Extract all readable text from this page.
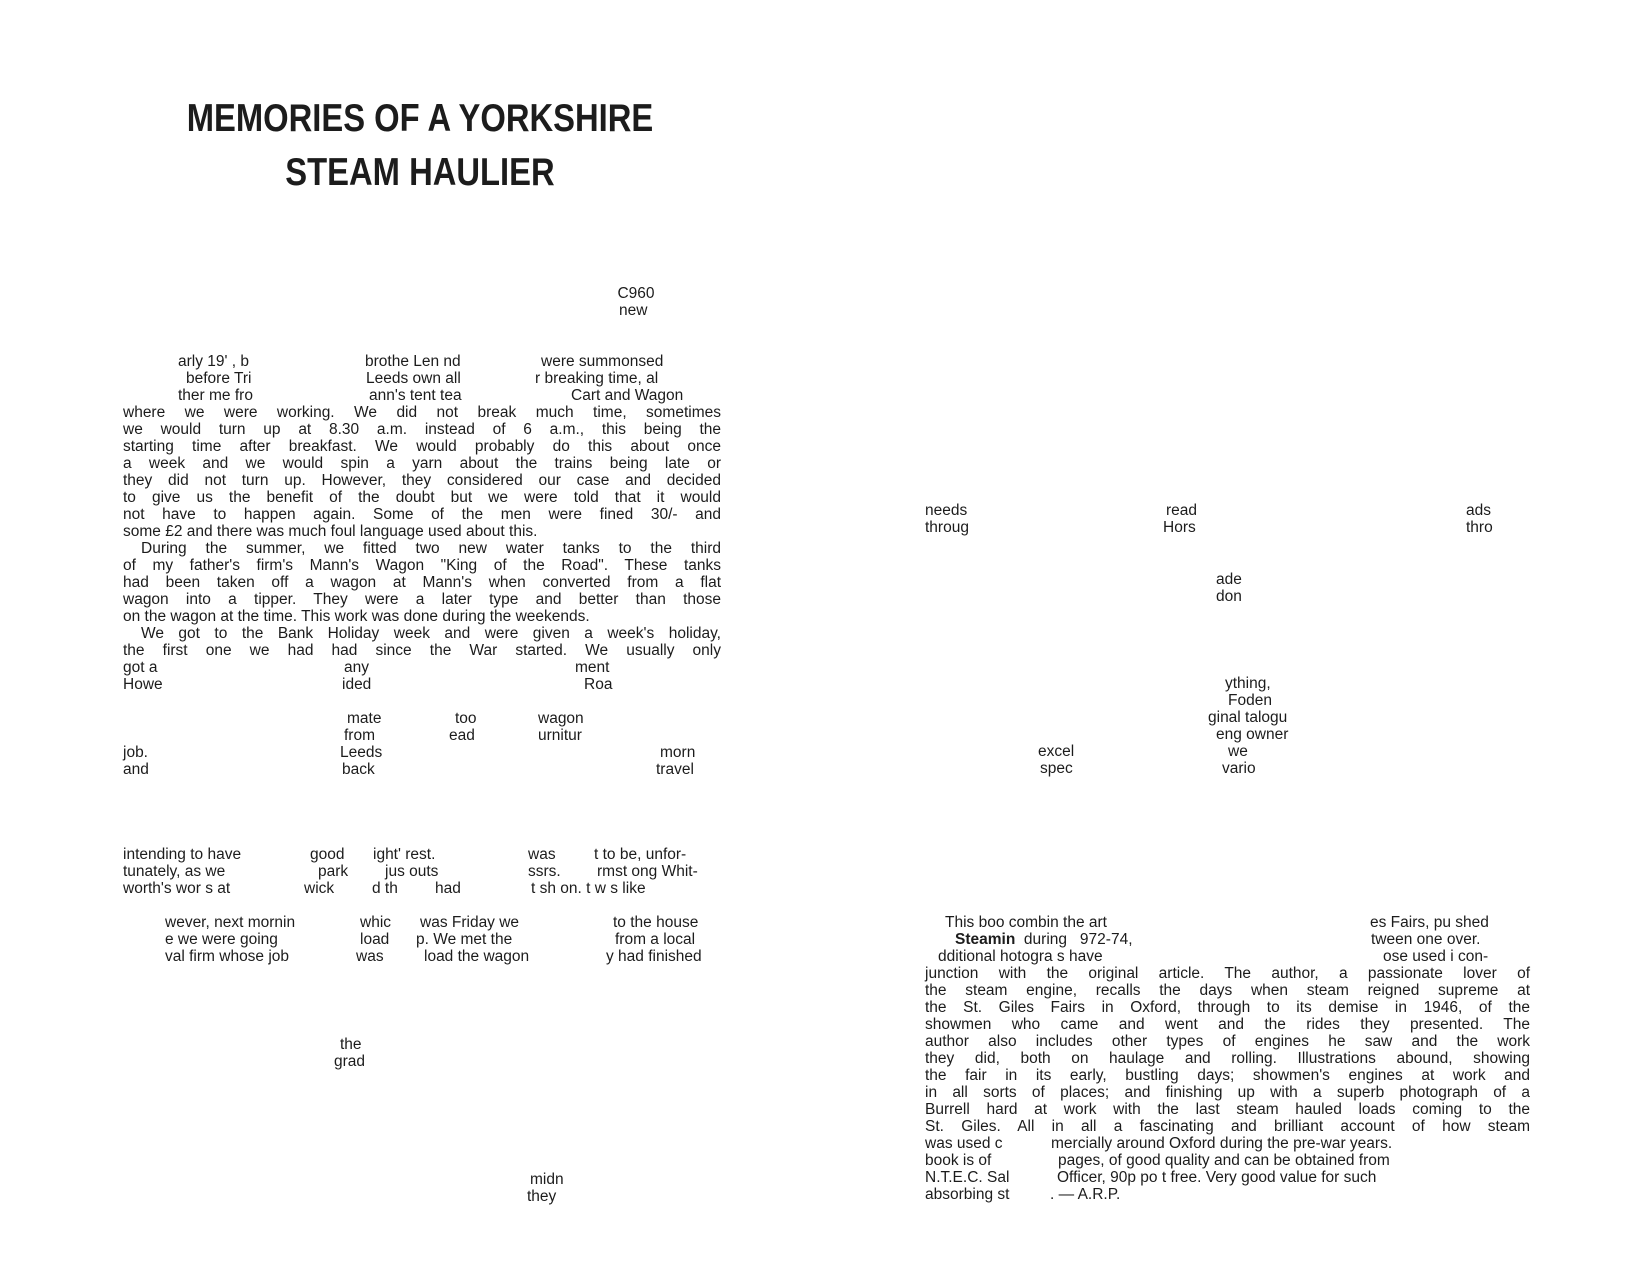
MEMORIES OF A YORKSHIRE
STEAM HAULIER
C960
new
arly 19' , b	brothe Len nd	were summonsed
before Tri	Leeds own all	r breaking time, al
ther me fro	ann's tent tea	Cart and Wagon
where we were working. We did not break much time, sometimes
we would turn up at 8.30 a.m. instead of 6 a.m., this being the
starting time after breakfast. We would probably do this about once
a week and we would spin a yarn about the trains being late or
they did not turn up. However, they considered our case and decided
to give us the benefit of the doubt but we were told that it would
not have to happen again. Some of the men were fined 30/- and
some £2 and there was much foul language used about this.
During the summer, we fitted two new water tanks to the third
of my father's firm's Mann's Wagon "King of the Road". These tanks
had been taken off a wagon at Mann's when converted from a flat
wagon into a tipper. They were a later type and better than those
on the wagon at the time. This work was done during the weekends.
We got to the Bank Holiday week and were given a week's holiday,
the first one we had had since the War started. We usually only
got a	any	ment
Howe	ided	Roa
mate	too	wagon
from	ead	urnitur
job.	Leeds	morn
and	back	travel
intending to have	good ight' rest.	was t to be, unfor-
tunately, as we	park jus outs	ssrs. rmst ong Whit-
worth's wor s at	wick d th had	t sh on. t w s like
wever, next mornin	whic was Friday we	to the house
e we were going	load p. We met the	from a local
val firm whose job	was	load the wagon	y had finished
the
grad
midn
they
needs	read	ads
throug	Hors	thro
ade
don
ything,
Foden
ginal talogu
eng owner
excel	we
spec	vario
This boo combin the art	es Fairs, pu shed
Steamin  during   972-74,	tween one over.
dditional hotogra s have	ose used i con-
junction with the original article. The author, a passionate lover of
the steam engine, recalls the days when steam reigned supreme at
the St. Giles Fairs in Oxford, through to its demise in 1946, of the
showmen who came and went and the rides they presented. The
author also includes other types of engines he saw and the work
they did, both on haulage and rolling. Illustrations abound, showing
the fair in its early, bustling days; showmen's engines at work and
in all sorts of places; and finishing up with a superb photograph of a
Burrell hard at work with the last steam hauled loads coming to the
St. Giles. All in all a fascinating and brilliant account of how steam
was used c	mercially around Oxford during the pre-war years.
book is of	pages, of good quality and can be obtained from
N.T.E.C. Sal	Officer, 90p po t free. Very good value for such
absorbing st	. — A.R.P.
